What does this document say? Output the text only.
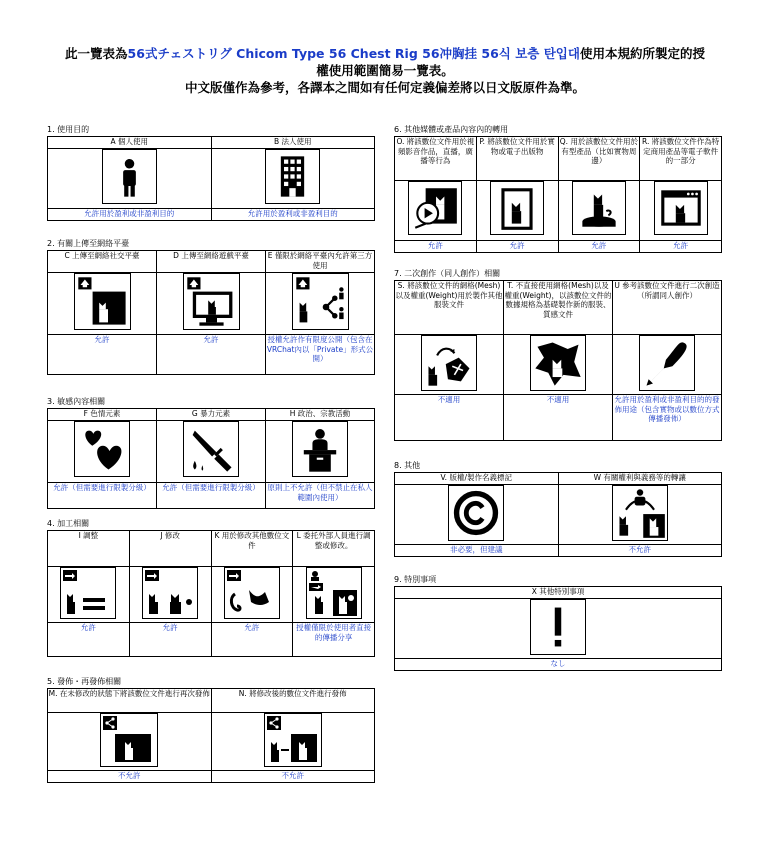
此一覽表為56式チェストリグ Chicom Type 56 Chest Rig 56冲胸挂 56식 보층 탄입대使用本規約所製定的授

權使用範圍簡易一覽表。

中文版僅作為參考，各譯本之間如有任何定義偏差將以日文版原件為準。

1. 使用目的
A 個人使用	B 法人使用

允許用於盈利或非盈利目的	允許用於盈利或非盈利目的
2. 有關上傳至網絡平臺
C 上傳至網絡社交平臺	D 上傳至網絡遊戲平臺	E 僅限於網絡平臺內允許第三方使用

允許	允許	授權允許作有限度公開（包含在VRChat內以「Private」形式公開）
3. 敏感內容相關
F 色情元素	G 暴力元素	H 政治、宗教活動

允許（但需要進行限製分級）	允許（但需要進行限製分級）	原則上不允許（但不禁止在私人範圍內使用）
4. 加工相關
I 調整	J 修改	K 用於修改其他數位文件	L 委托外部人員進行調整或修改。

允許	允許	允許	授權僅限於使用者直接的傳播分享
5. 發佈・再發佈相關
M. 在未修改的狀態下將該數位文件進行再次發佈	N. 將修改後的數位文件進行發佈

不允許	不允許
6. 其他媒體或產品內容內的轉用
O. 將該數位文件用於視頻影音作品，直播，廣播等行為	P. 將該數位文件用於實物或電子出版物	Q. 用於該數位文件用於有型產品（比如實物周邊）	R. 將該數位文件作為特定商用產品等電子軟件的一部分

允許	允許	允許	允許
7. 二次創作（同人創作）相關
S. 將該數位文件的網格(Mesh)以及權重(Weight)用於製作其他服裝文件	T. 不直接使用網格(Mesh)以及權重(Weight)，以該數位文件的數據規格為基礎製作新的服裝、質感文件	U 參考該數位文件進行二次創造（所謂同人創作）

不適用	不適用	允許用於盈利或非盈利目的的發佈用途（包含實物或以數位方式傳播發佈）
8. 其他
V. 版權/製作名義標記	W 有關權利與義務等的轉讓

非必要，但建議	不允許
9. 特別事項
X 其他特別事項

なし
